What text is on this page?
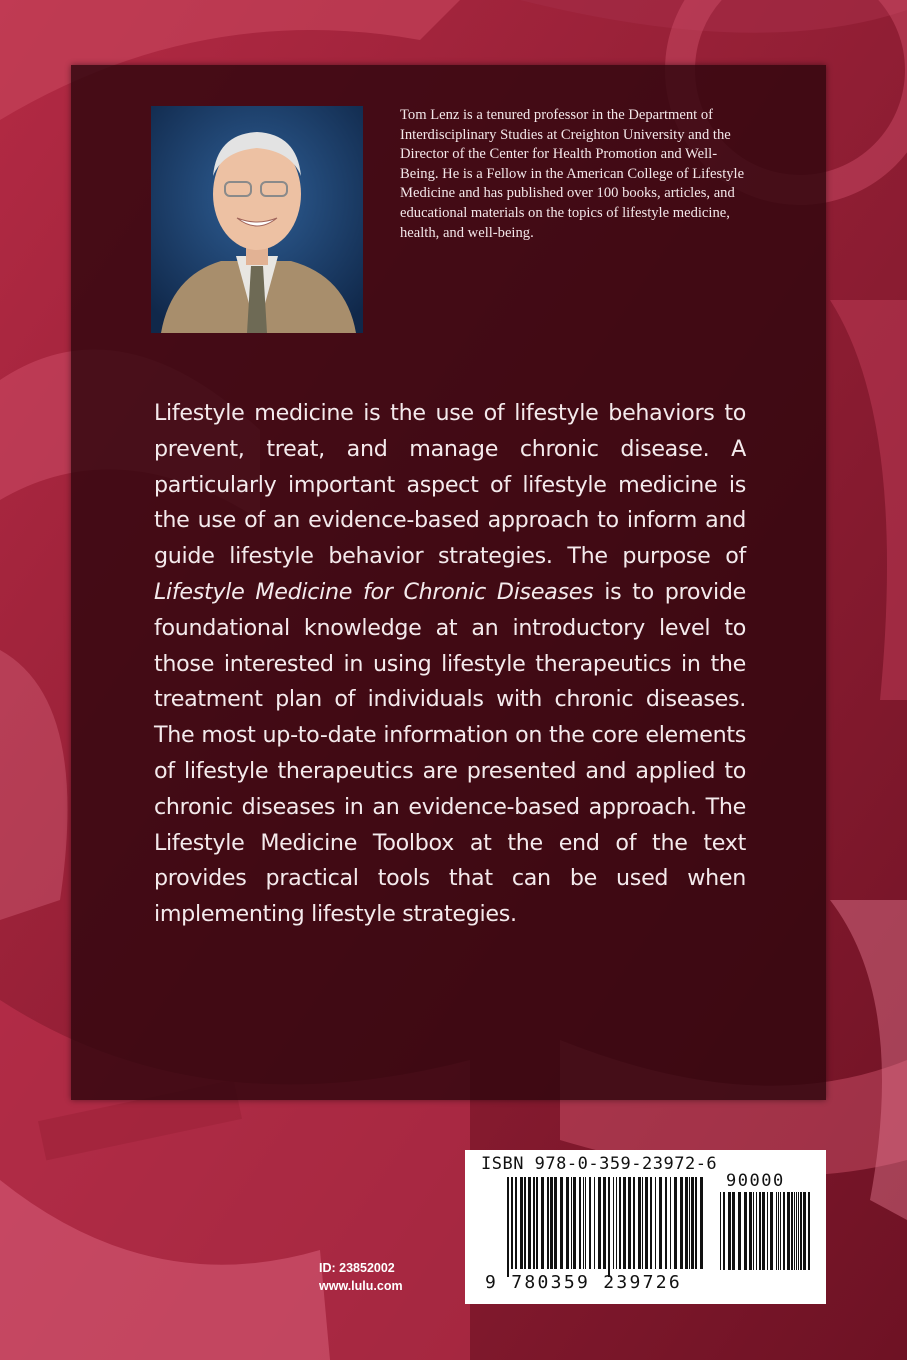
Tom Lenz is a tenured professor in the Department of Interdisciplinary Studies at Creighton University and the Director of the Center for Health Promotion and Well-Being. He is a Fellow in the American College of Lifestyle Medicine and has published over 100 books, articles, and educational materials on the topics of lifestyle medicine, health, and well-being.

Lifestyle medicine is the use of lifestyle behaviors to prevent, treat, and manage chronic disease. A particularly important aspect of lifestyle medicine is the use of an evidence-based approach to inform and guide lifestyle behavior strategies. The purpose of Lifestyle Medicine for Chronic Diseases is to provide foundational knowledge at an introductory level to those interested in using lifestyle therapeutics in the treatment plan of individuals with chronic diseases. The most up-to-date information on the core elements of lifestyle therapeutics are presented and applied to chronic diseases in an evidence-based approach. The Lifestyle Medicine Toolbox at the end of the text provides practical tools that can be used when implementing lifestyle strategies.

ISBN 978-0-359-23972-6
90000
9 780359 239726
ID: 23852002
www.lulu.com
